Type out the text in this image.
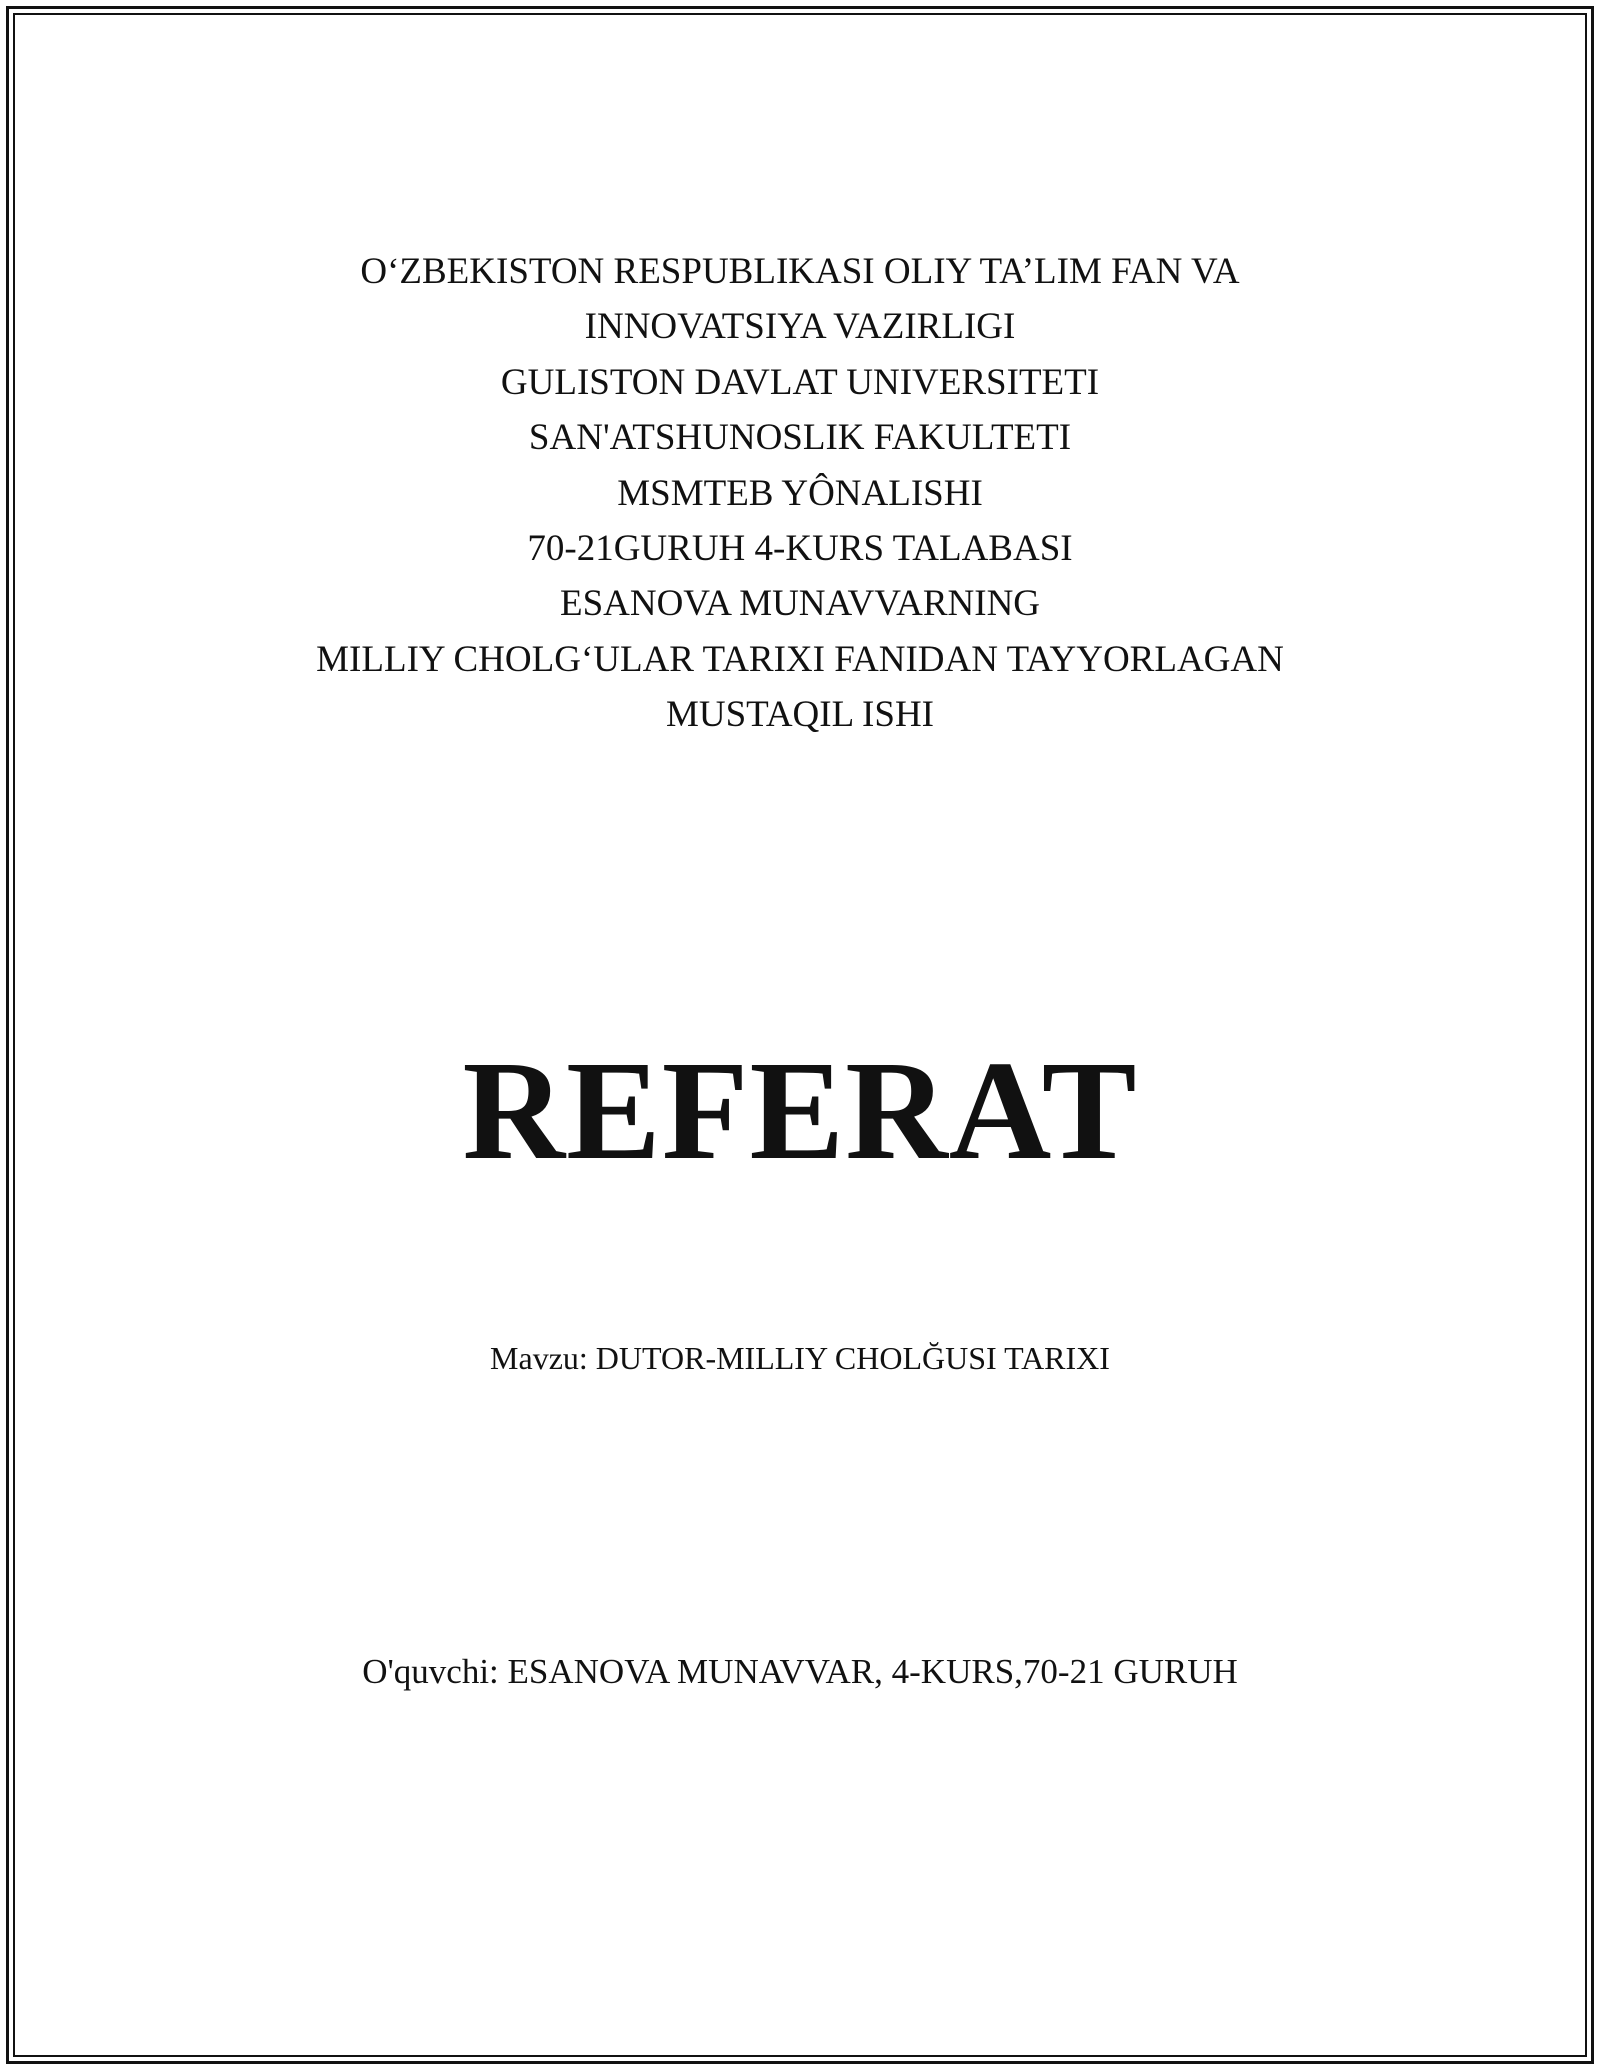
O‘ZBEKISTON RESPUBLIKASI OLIY TA’LIM FAN VA
INNOVATSIYA VAZIRLIGI
GULISTON DAVLAT UNIVERSITETI
SAN'ATSHUNOSLIK FAKULTETI
MSMTEB YÔNALISHI
70-21GURUH 4-KURS TALABASI
ESANOVA MUNAVVARNING
MILLIY CHOLG‘ULAR TARIXI FANIDAN TAYYORLAGAN
MUSTAQIL ISHI
REFERAT
Mavzu: DUTOR-MILLIY CHOLĞUSI TARIXI
O'quvchi: ESANOVA MUNAVVAR, 4-KURS,70-21 GURUH
